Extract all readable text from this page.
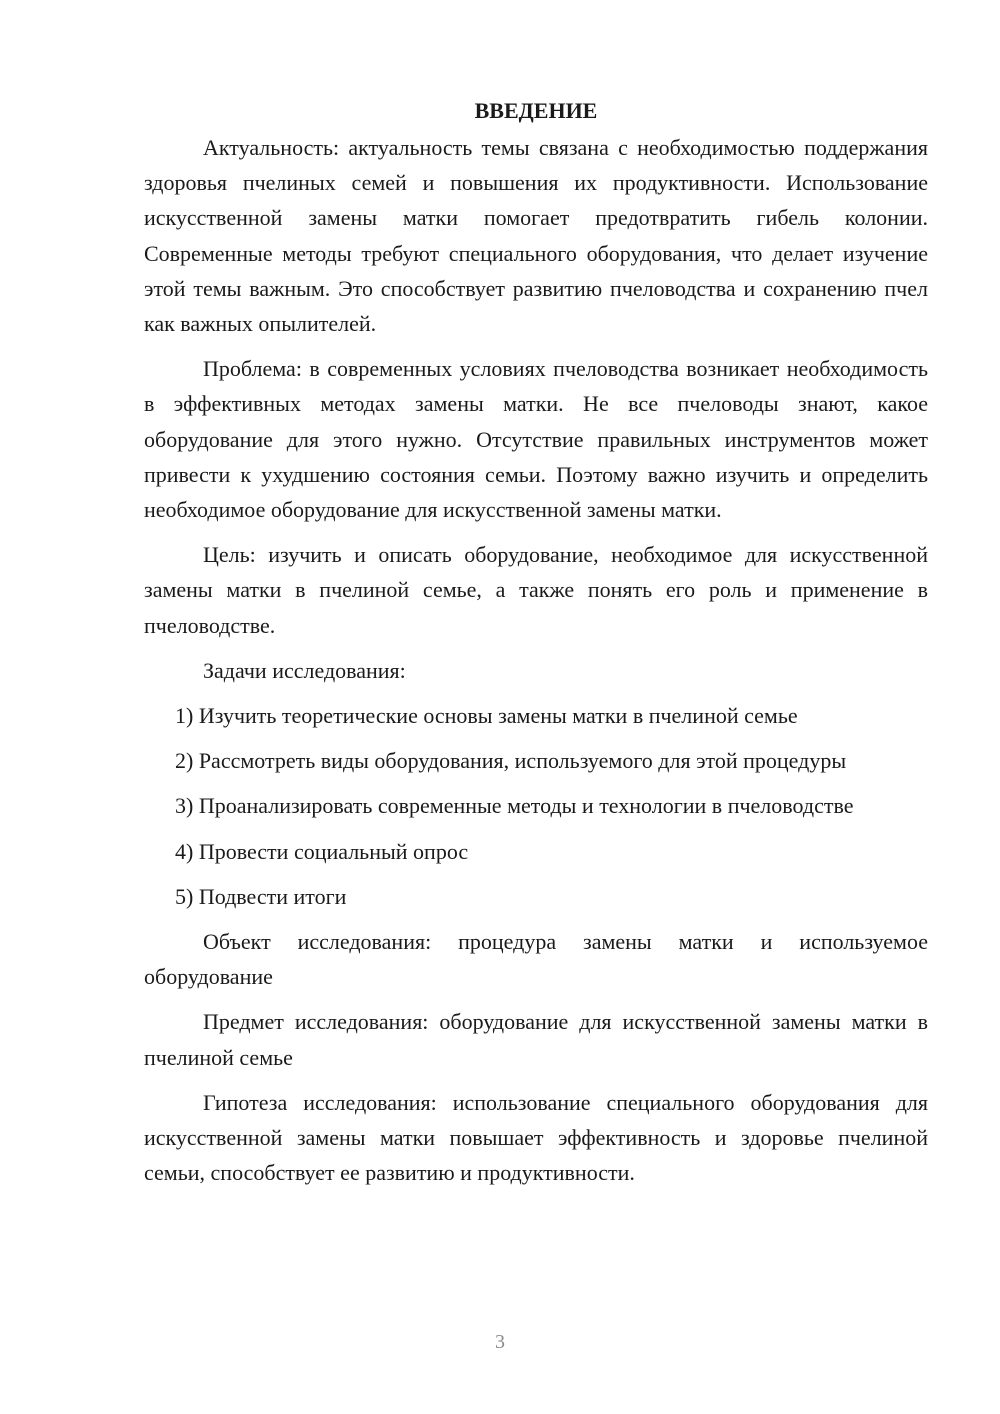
ВВЕДЕНИЕ

Актуальность: актуальность темы связана с необходимостью поддержания здоровья пчелиных семей и повышения их продуктивности. Использование искусственной замены матки помогает предотвратить гибель колонии. Современные методы требуют специального оборудования, что делает изучение этой темы важным. Это способствует развитию пчеловодства и сохранению пчел как важных опылителей.

Проблема: в современных условиях пчеловодства возникает необходимость в эффективных методах замены матки. Не все пчеловоды знают, какое оборудование для этого нужно. Отсутствие правильных инструментов может привести к ухудшению состояния семьи. Поэтому важно изучить и определить необходимое оборудование для искусственной замены матки.

Цель: изучить и описать оборудование, необходимое для искусственной замены матки в пчелиной семье, а также понять его роль и применение в пчеловодстве.

Задачи исследования:

1) Изучить теоретические основы замены матки в пчелиной семье

2) Рассмотреть виды оборудования, используемого для этой процедуры

3) Проанализировать современные методы и технологии в пчеловодстве

4) Провести социальный опрос

5) Подвести итоги

Объект исследования: процедура замены матки и используемое оборудование

Предмет исследования: оборудование для искусственной замены матки в пчелиной семье

Гипотеза исследования: использование специального оборудования для искусственной замены матки повышает эффективность и здоровье пчелиной семьи, способствует ее развитию и продуктивности.

3
